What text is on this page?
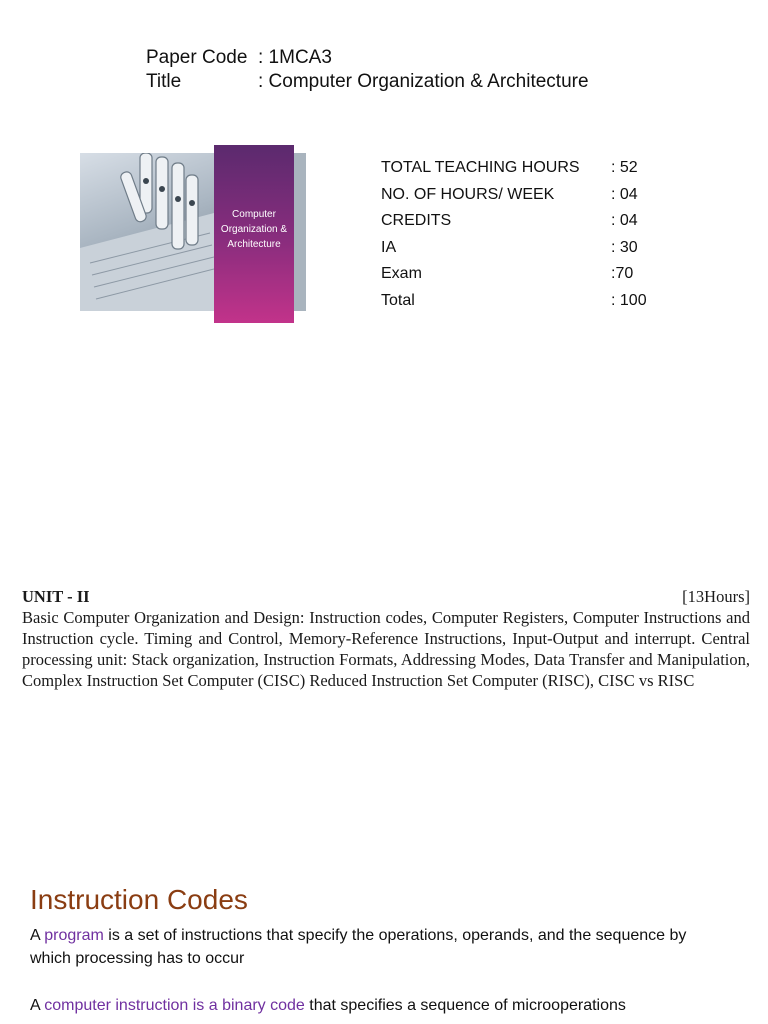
Paper Code : 1MCA3
Title	: Computer Organization & Architecture
Computer Organization & Architecture
TOTAL TEACHING HOURS	: 52
NO. OF HOURS/ WEEK	: 04
CREDITS	: 04
IA	: 30
Exam	:70
Total	: 100
UNIT - II	[13Hours]
Basic Computer Organization and Design: Instruction codes, Computer Registers, Computer Instructions and Instruction cycle. Timing and Control, Memory-Reference Instructions, Input-Output and interrupt. Central processing unit: Stack organization, Instruction Formats, Addressing Modes, Data Transfer and Manipulation, Complex Instruction Set Computer (CISC) Reduced Instruction Set Computer (RISC), CISC vs RISC
Instruction Codes
A program is a set of instructions that specify the operations, operands, and the sequence by which processing has to occur
A computer instruction is a binary code that specifies a sequence of microoperations
